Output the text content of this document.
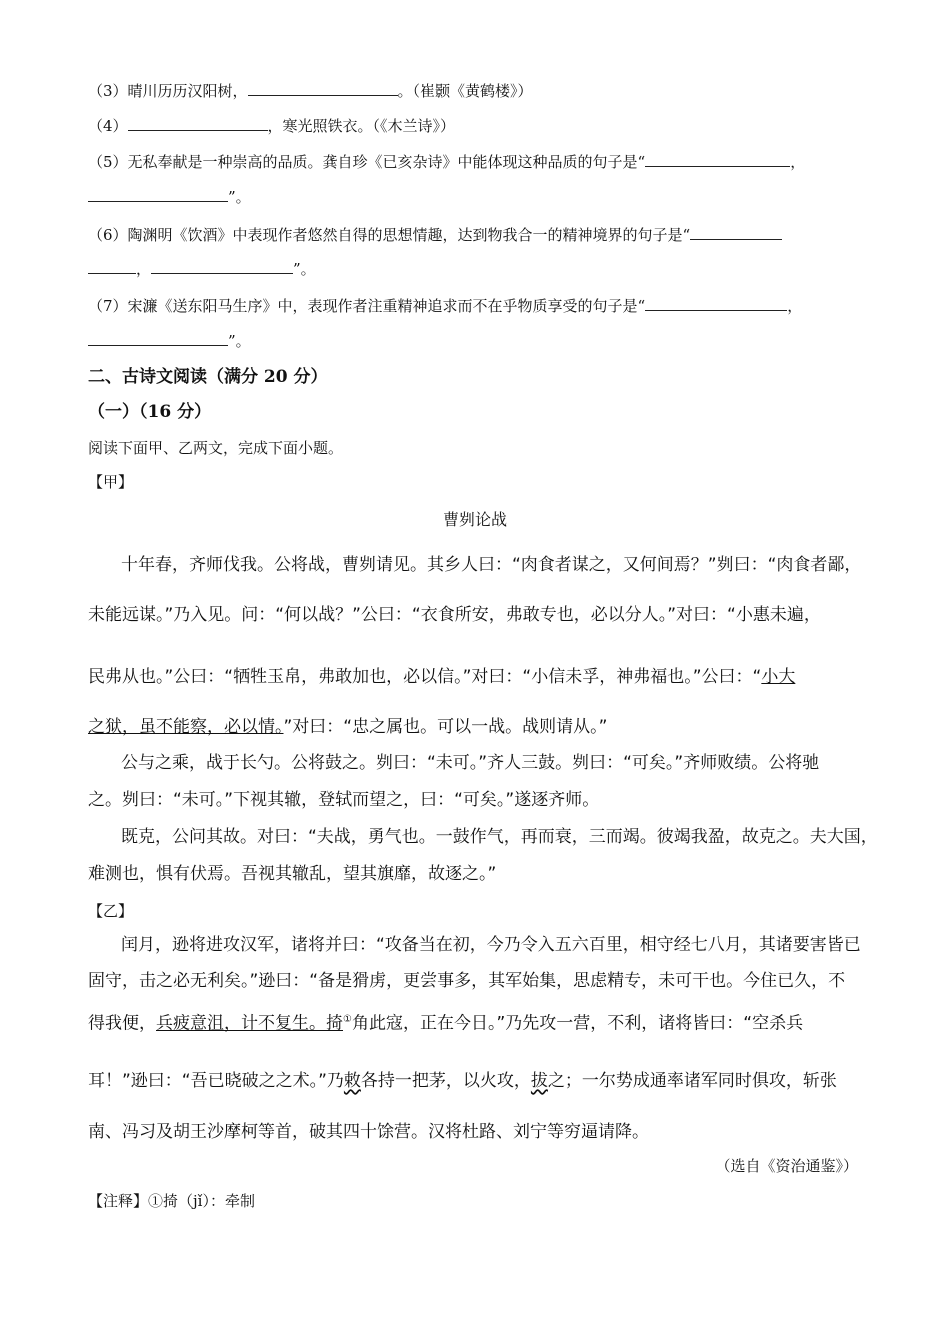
（3）晴川历历汉阳树，	。（崔颢《黄鹤楼》）
（4）	，寒光照铁衣。（《木兰诗》）
（5）无私奉献是一种崇高的品质。龚自珍《已亥杂诗》中能体现这种品质的句子是“	，
”。
（6）陶渊明《饮酒》中表现作者悠然自得的思想情趣，达到物我合一的精神境界的句子是“
，	”。
（7）宋濂《送东阳马生序》中，表现作者注重精神追求而不在乎物质享受的句子是“	，
”。
二、古诗文阅读（满分 20 分）
（一）（16 分）
阅读下面甲、乙两文，完成下面小题。
【甲】
曹刿论战
十年春，齐师伐我。公将战，曹刿请见。其乡人曰：“肉食者谋之，又何间焉？”刿曰：“肉食者鄙，
未能远谋。”乃入见。问：“何以战？”公曰：“衣食所安，弗敢专也，必以分人。”对曰：“小惠未遍，
民弗从也。”公曰：“牺牲玉帛，弗敢加也，必以信。”对曰：“小信未孚，神弗福也。”公曰：“小大
之狱，虽不能察，必以情。”对曰：“忠之属也。可以一战。战则请从。”
公与之乘，战于长勺。公将鼓之。刿曰：“未可。”齐人三鼓。刿曰：“可矣。”齐师败绩。公将驰
之。刿曰：“未可。”下视其辙，登轼而望之，曰：“可矣。”遂逐齐师。
既克，公问其故。对曰：“夫战，勇气也。一鼓作气，再而衰，三而竭。彼竭我盈，故克之。夫大国，
难测也，惧有伏焉。吾视其辙乱，望其旗靡，故逐之。”
【乙】
闰月，逊将进攻汉军，诸将并曰：“攻备当在初，今乃令入五六百里，相守经七八月，其诸要害皆已
固守，击之必无利矣。”逊曰：“备是猾虏，更尝事多，其军始集，思虑精专，未可干也。今住已久，不
得我便，兵疲意沮，计不复生。掎①角此寇，正在今日。”乃先攻一营，不利，诸将皆曰：“空杀兵
耳！”逊曰：“吾已晓破之之术。”乃敕各持一把茅，以火攻，拔之；一尔势成通率诸军同时俱攻，斩张
南、冯习及胡王沙摩柯等首，破其四十馀营。汉将杜路、刘宁等穷逼请降。
（选自《资治通鉴》）
【注释】①掎（jǐ）：牵制
